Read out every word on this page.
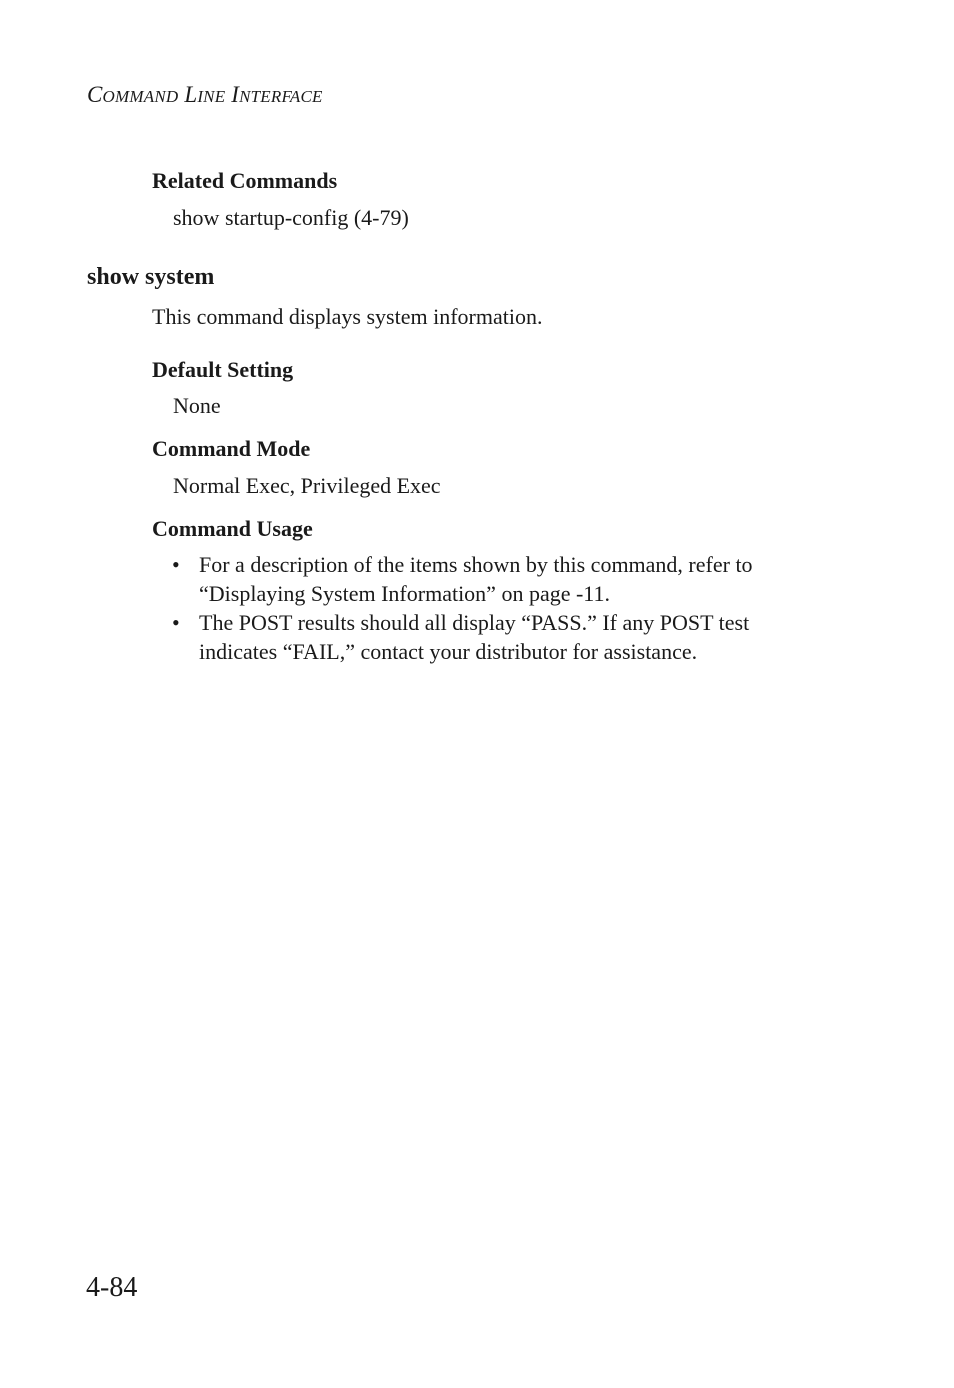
COMMAND LINE INTERFACE
Related Commands
show startup-config (4-79)
show system
This command displays system information.
Default Setting
None
Command Mode
Normal Exec, Privileged Exec
Command Usage
• For a description of the items shown by this command, refer to “Displaying System Information” on page -11.
• The POST results should all display “PASS.” If any POST test indicates “FAIL,” contact your distributor for assistance.
4-84
